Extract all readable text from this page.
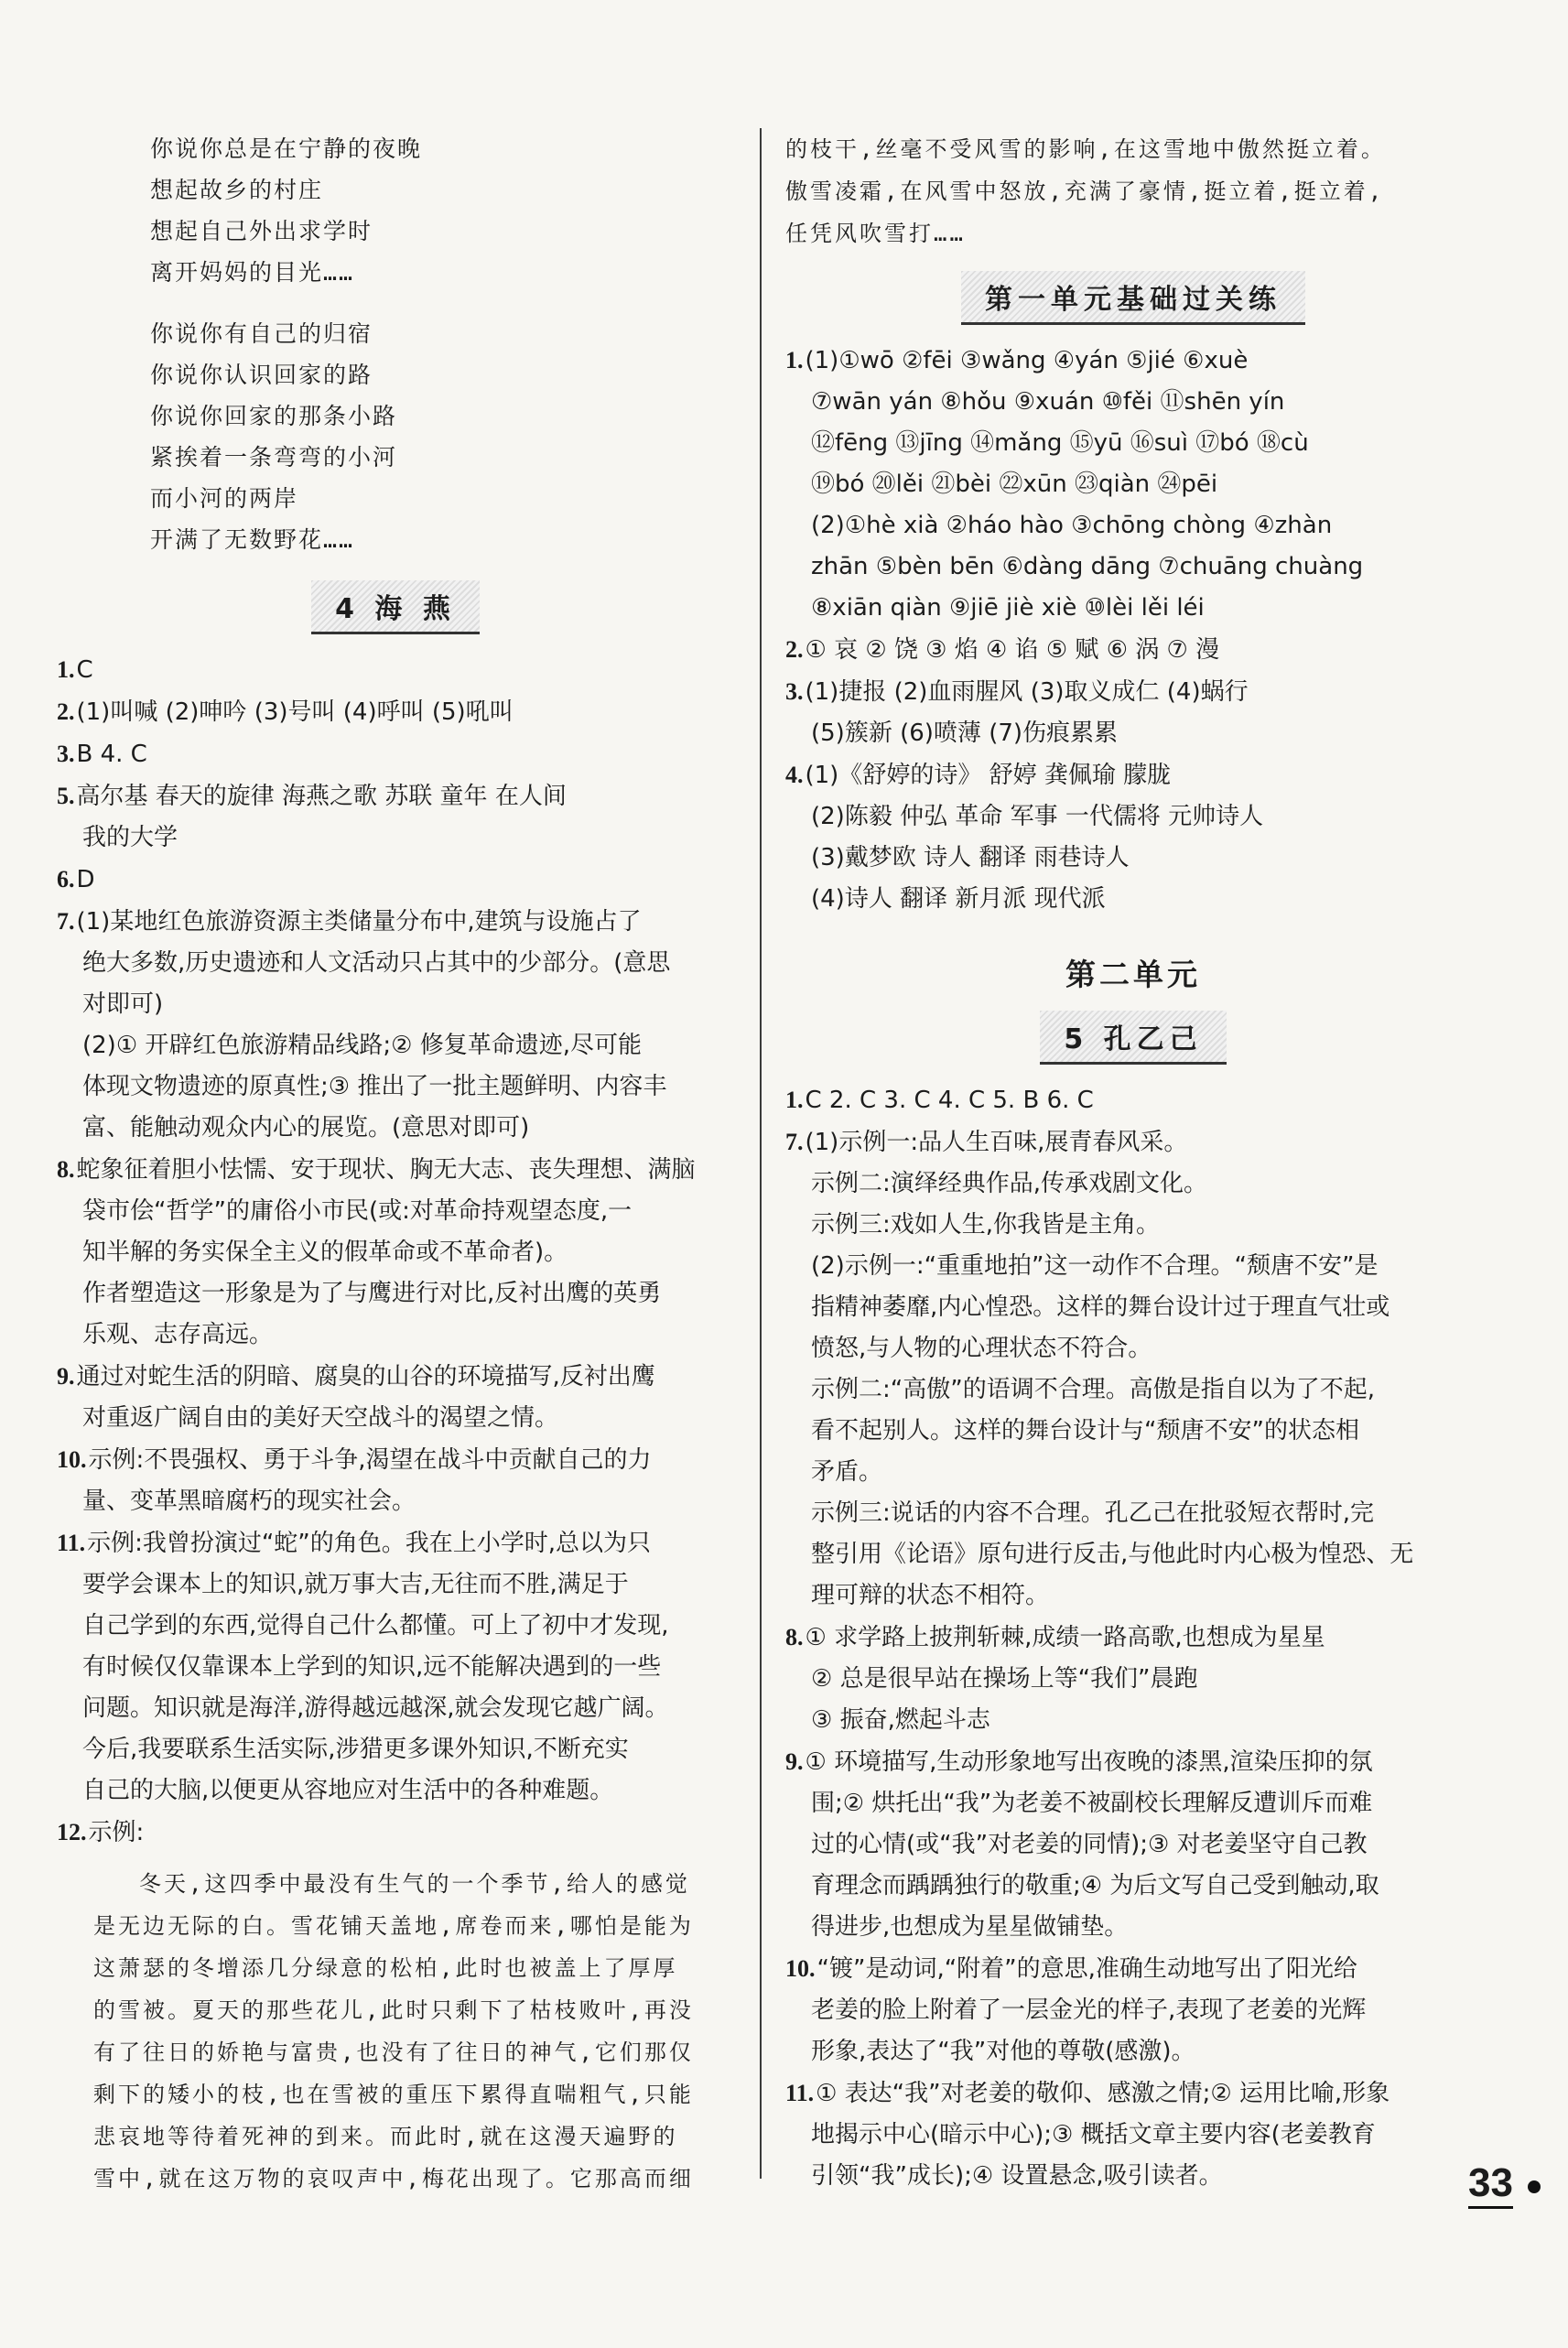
你说你总是在宁静的夜晚
想起故乡的村庄
想起自己外出求学时
离开妈妈的目光……
你说你有自己的归宿
你说你认识回家的路
你说你回家的那条小路
紧挨着一条弯弯的小河
而小河的两岸
开满了无数野花……
4 海 燕
1.C
2.(1)叫喊 (2)呻吟 (3)号叫 (4)呼叫 (5)吼叫
3.B 4. C
5.高尔基 春天的旋律 海燕之歌 苏联 童年 在人间
我的大学
6.D
7.(1)某地红色旅游资源主类储量分布中,建筑与设施占了
绝大多数,历史遗迹和人文活动只占其中的少部分。(意思
对即可)
(2)① 开辟红色旅游精品线路;② 修复革命遗迹,尽可能
体现文物遗迹的原真性;③ 推出了一批主题鲜明、内容丰
富、能触动观众内心的展览。(意思对即可)
8.蛇象征着胆小怯懦、安于现状、胸无大志、丧失理想、满脑
袋市侩“哲学”的庸俗小市民(或:对革命持观望态度,一
知半解的务实保全主义的假革命或不革命者)。
作者塑造这一形象是为了与鹰进行对比,反衬出鹰的英勇
乐观、志存高远。
9.通过对蛇生活的阴暗、腐臭的山谷的环境描写,反衬出鹰
对重返广阔自由的美好天空战斗的渴望之情。
10.示例:不畏强权、勇于斗争,渴望在战斗中贡献自己的力
量、变革黑暗腐朽的现实社会。
11.示例:我曾扮演过“蛇”的角色。我在上小学时,总以为只
要学会课本上的知识,就万事大吉,无往而不胜,满足于
自己学到的东西,觉得自己什么都懂。可上了初中才发现,
有时候仅仅靠课本上学到的知识,远不能解决遇到的一些
问题。知识就是海洋,游得越远越深,就会发现它越广阔。
今后,我要联系生活实际,涉猎更多课外知识,不断充实
自己的大脑,以便更从容地应对生活中的各种难题。
12.示例:
冬天,这四季中最没有生气的一个季节,给人的感觉
是无边无际的白。雪花铺天盖地,席卷而来,哪怕是能为
这萧瑟的冬增添几分绿意的松柏,此时也被盖上了厚厚
的雪被。夏天的那些花儿,此时只剩下了枯枝败叶,再没
有了往日的娇艳与富贵,也没有了往日的神气,它们那仅
剩下的矮小的枝,也在雪被的重压下累得直喘粗气,只能
悲哀地等待着死神的到来。而此时,就在这漫天遍野的
雪中,就在这万物的哀叹声中,梅花出现了。它那高而细
的枝干,丝毫不受风雪的影响,在这雪地中傲然挺立着。
傲雪凌霜,在风雪中怒放,充满了豪情,挺立着,挺立着,
任凭风吹雪打……
第一单元基础过关练
1.(1)①wō ②fēi ③wǎng ④yán ⑤jié ⑥xuè
⑦wān yán ⑧hǒu ⑨xuán ⑩fěi ⑪shēn yín
⑫fēng ⑬jīng ⑭mǎng ⑮yū ⑯suì ⑰bó ⑱cù
⑲bó ⑳lěi ㉑bèi ㉒xūn ㉓qiàn ㉔pēi
(2)①hè xià ②háo hào ③chōng chòng ④zhàn
zhān ⑤bèn bēn ⑥dàng dāng ⑦chuāng chuàng
⑧xiān qiàn ⑨jiē jiè xiè ⑩lèi lěi léi
2.① 哀 ② 饶 ③ 焰 ④ 谄 ⑤ 赋 ⑥ 涡 ⑦ 漫
3.(1)捷报 (2)血雨腥风 (3)取义成仁 (4)蜗行
(5)簇新 (6)喷薄 (7)伤痕累累
4.(1)《舒婷的诗》 舒婷 龚佩瑜 朦胧
(2)陈毅 仲弘 革命 军事 一代儒将 元帅诗人
(3)戴梦欧 诗人 翻译 雨巷诗人
(4)诗人 翻译 新月派 现代派
第二单元
5 孔乙己
1.C 2. C 3. C 4. C 5. B 6. C
7.(1)示例一:品人生百味,展青春风采。
示例二:演绎经典作品,传承戏剧文化。
示例三:戏如人生,你我皆是主角。
(2)示例一:“重重地拍”这一动作不合理。“颓唐不安”是
指精神萎靡,内心惶恐。这样的舞台设计过于理直气壮或
愤怒,与人物的心理状态不符合。
示例二:“高傲”的语调不合理。高傲是指自以为了不起,
看不起别人。这样的舞台设计与“颓唐不安”的状态相
矛盾。
示例三:说话的内容不合理。孔乙己在批驳短衣帮时,完
整引用《论语》原句进行反击,与他此时内心极为惶恐、无
理可辩的状态不相符。
8.① 求学路上披荆斩棘,成绩一路高歌,也想成为星星
② 总是很早站在操场上等“我们”晨跑
③ 振奋,燃起斗志
9.① 环境描写,生动形象地写出夜晚的漆黑,渲染压抑的氛
围;② 烘托出“我”为老姜不被副校长理解反遭训斥而难
过的心情(或“我”对老姜的同情);③ 对老姜坚守自己教
育理念而踽踽独行的敬重;④ 为后文写自己受到触动,取
得进步,也想成为星星做铺垫。
10.“镀”是动词,“附着”的意思,准确生动地写出了阳光给
老姜的脸上附着了一层金光的样子,表现了老姜的光辉
形象,表达了“我”对他的尊敬(感激)。
11.① 表达“我”对老姜的敬仰、感激之情;② 运用比喻,形象
地揭示中心(暗示中心);③ 概括文章主要内容(老姜教育
引领“我”成长);④ 设置悬念,吸引读者。	33
